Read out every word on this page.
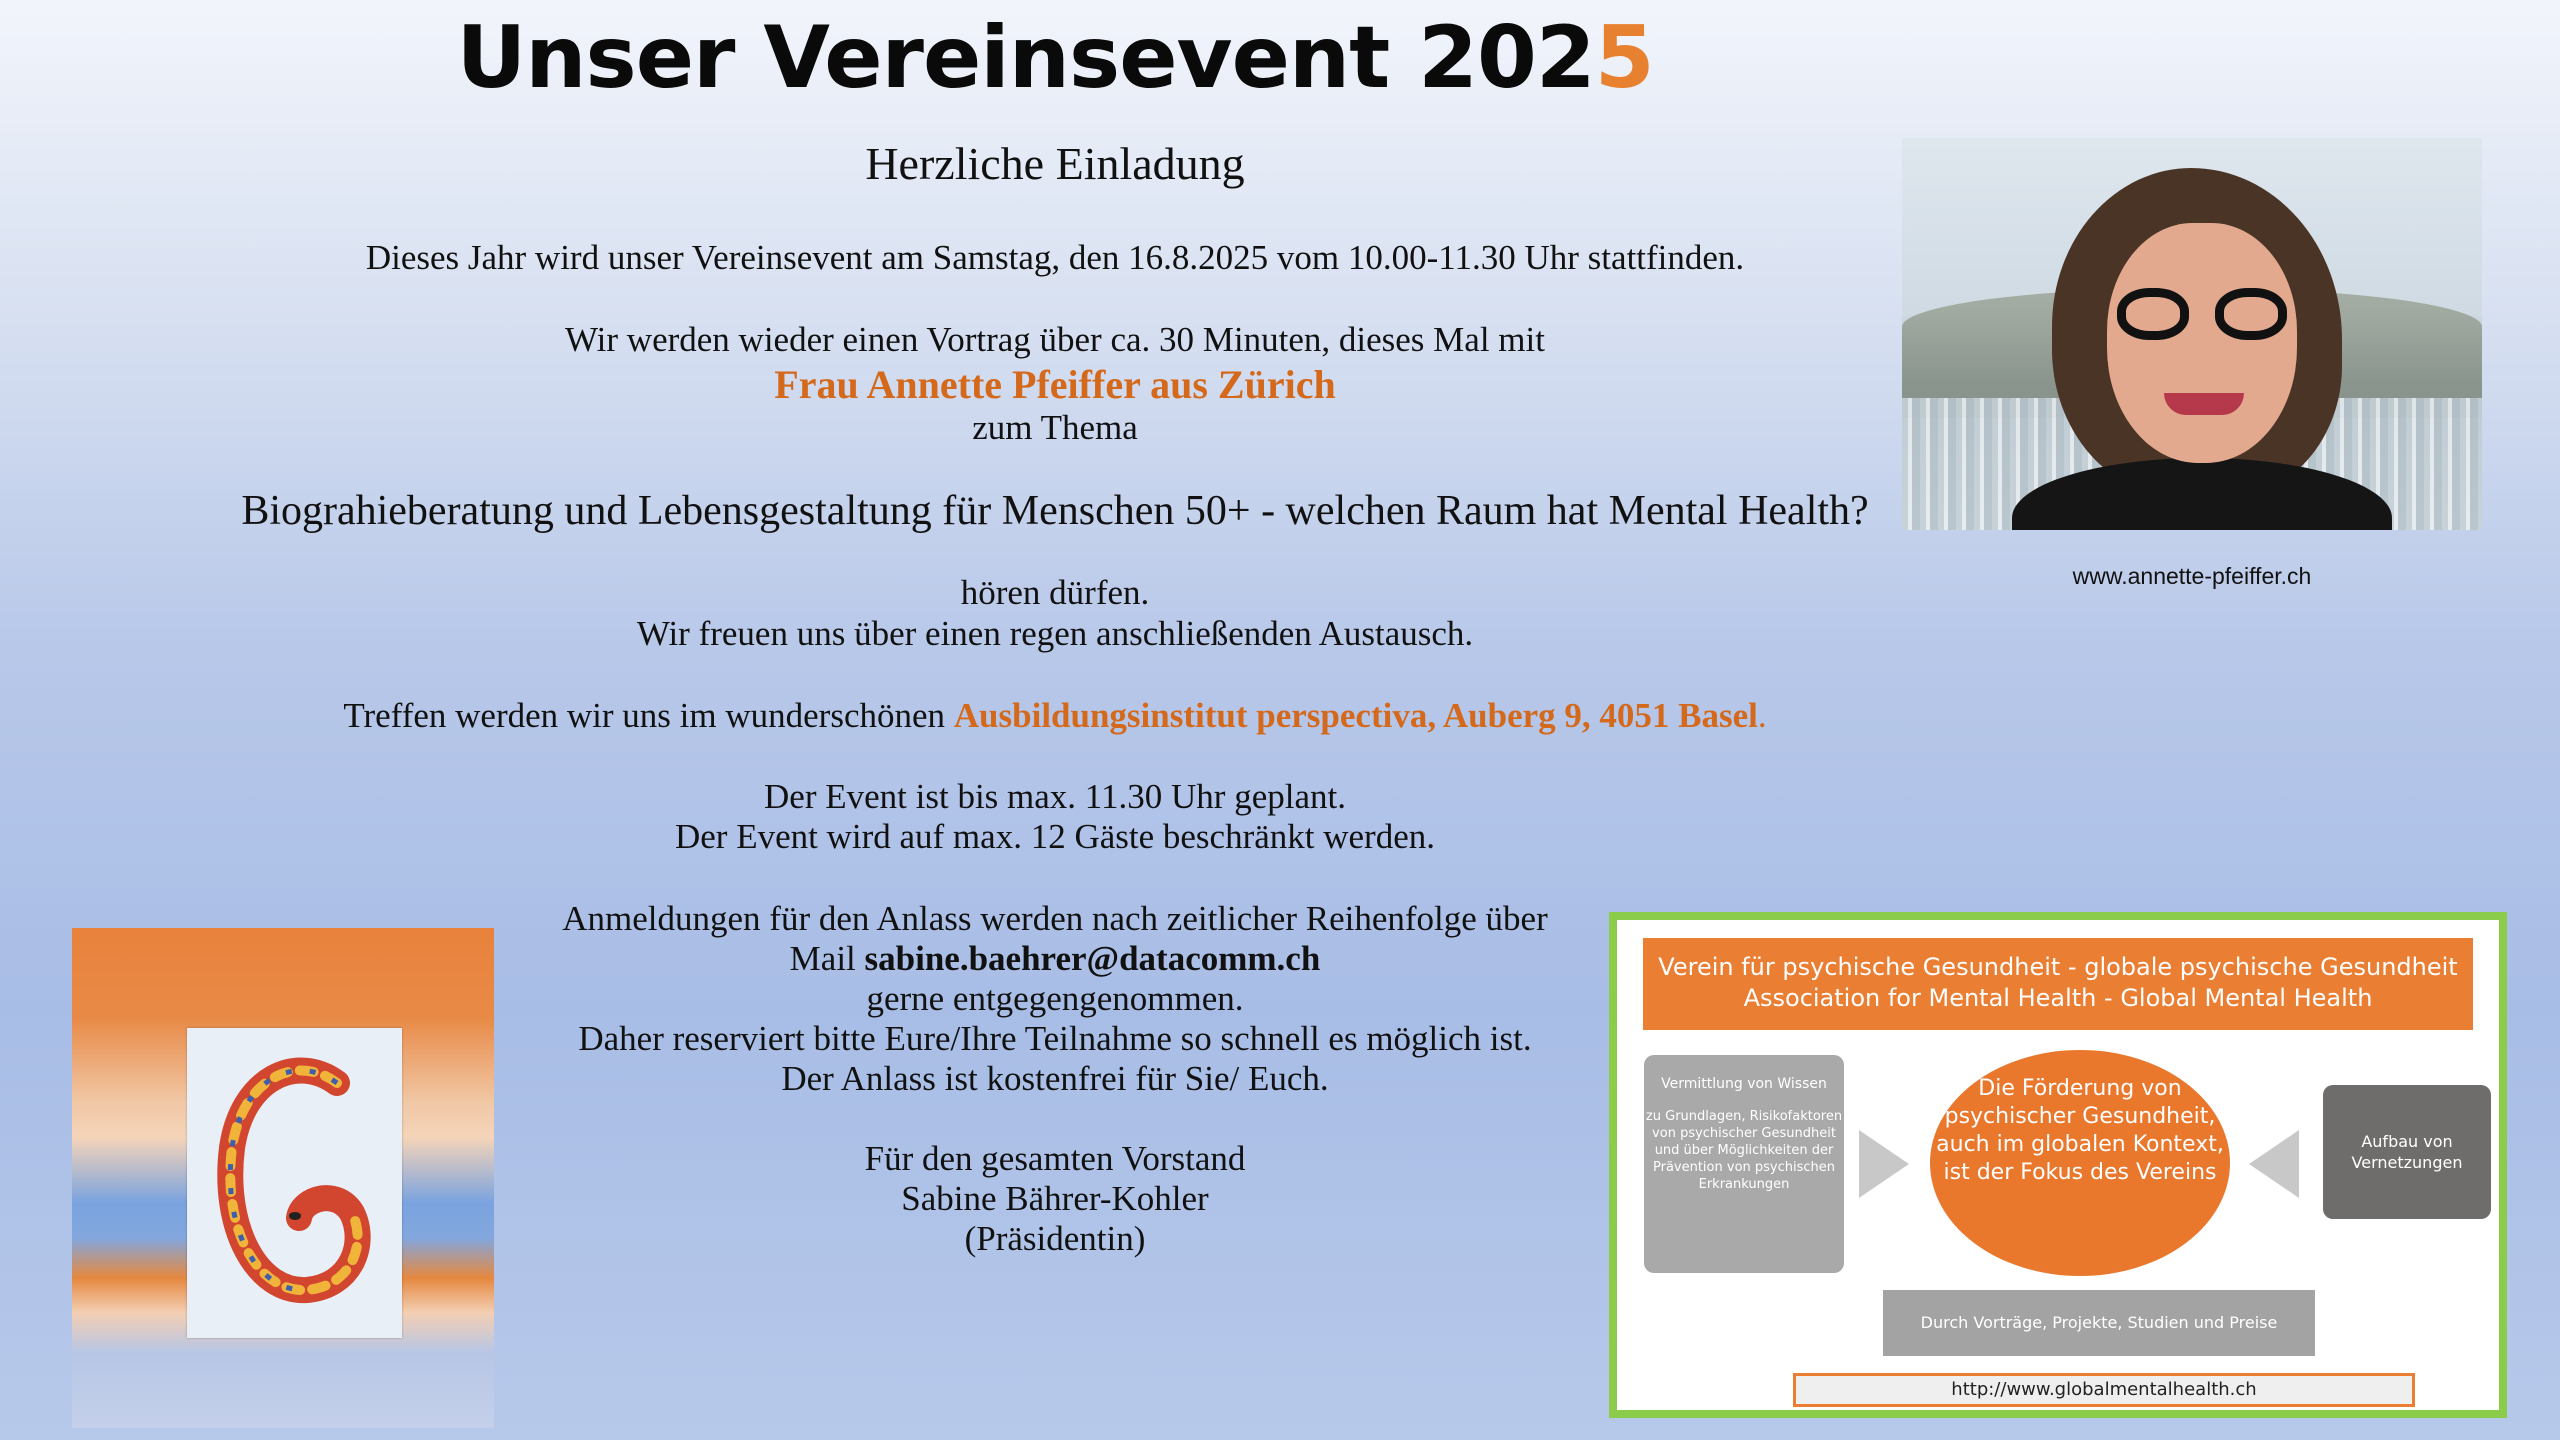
Unser Vereinsevent 2025
Herzliche Einladung
Dieses Jahr wird unser Vereinsevent am Samstag, den 16.8.2025 vom 10.00-11.30 Uhr stattfinden.
Wir werden wieder einen Vortrag über ca. 30 Minuten, dieses Mal mit
Frau Annette Pfeiffer aus Zürich
zum Thema
Biograhieberatung und Lebensgestaltung für Menschen 50+ - welchen Raum hat Mental Health?
hören dürfen.
Wir freuen uns über einen regen anschließenden Austausch.
Treffen werden wir uns im wunderschönen Ausbildungsinstitut perspectiva, Auberg 9, 4051 Basel.
Der Event ist bis max. 11.30 Uhr geplant.
Der Event wird auf max. 12 Gäste beschränkt werden.
Anmeldungen für den Anlass werden nach zeitlicher Reihenfolge über
Mail sabine.baehrer@datacomm.ch
gerne entgegengenommen.
Daher reserviert bitte Eure/Ihre Teilnahme so schnell es möglich ist.
Der Anlass ist kostenfrei für Sie/ Euch.
Für den gesamten Vorstand
Sabine Bährer-Kohler
(Präsidentin)
www.annette-pfeiffer.ch
Verein für psychische Gesundheit - globale psychische Gesundheit
Association for Mental Health - Global Mental Health
Vermittlung von Wissen
zu Grundlagen, Risikofaktoren von psychischer Gesundheit und über Möglichkeiten der Prävention von psychischen Erkrankungen
Die Förderung von psychischer Gesundheit, auch im globalen Kontext, ist der Fokus des Vereins
Aufbau von Vernetzungen
Durch Vorträge, Projekte, Studien und Preise
http://www.globalmentalhealth.ch
